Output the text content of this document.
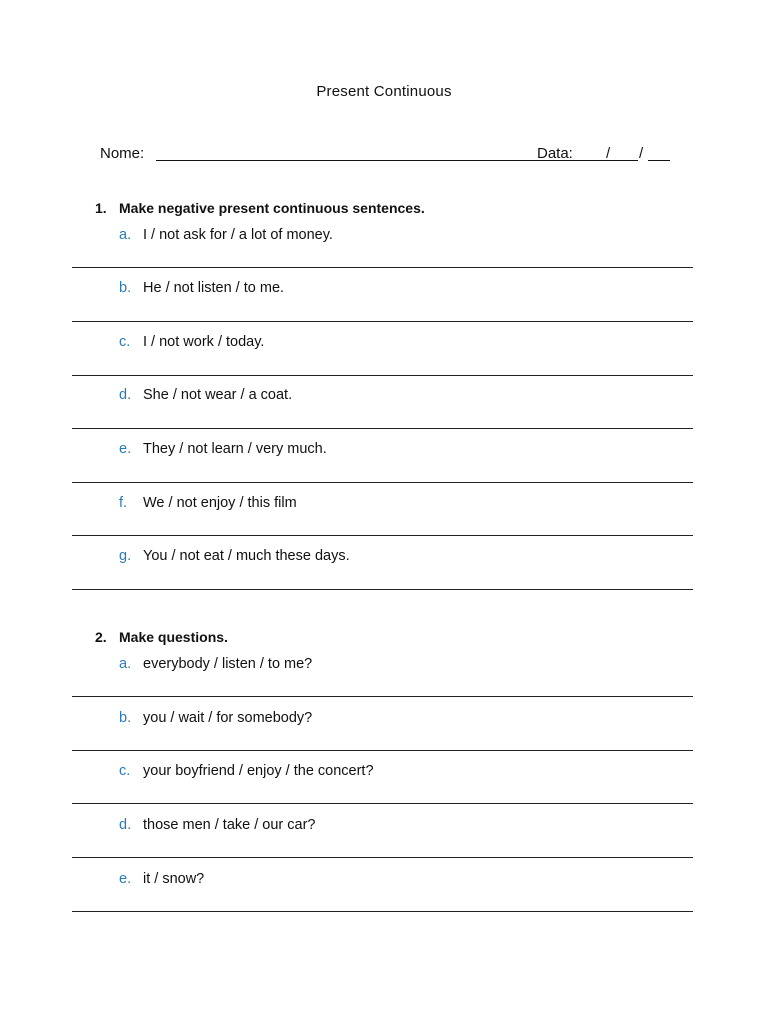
Present Continuous
Nome:	Data: / /
1. Make negative present continuous sentences.
a. I / not ask for / a lot of money.
b. He / not listen / to me.
c. I / not work / today.
d. She / not wear / a coat.
e. They / not learn / very much.
f. We / not enjoy / this film
g. You / not eat / much these days.
2. Make questions.
a. everybody / listen / to me?
b. you / wait / for somebody?
c. your boyfriend / enjoy / the concert?
d. those men / take / our car?
e. it / snow?
